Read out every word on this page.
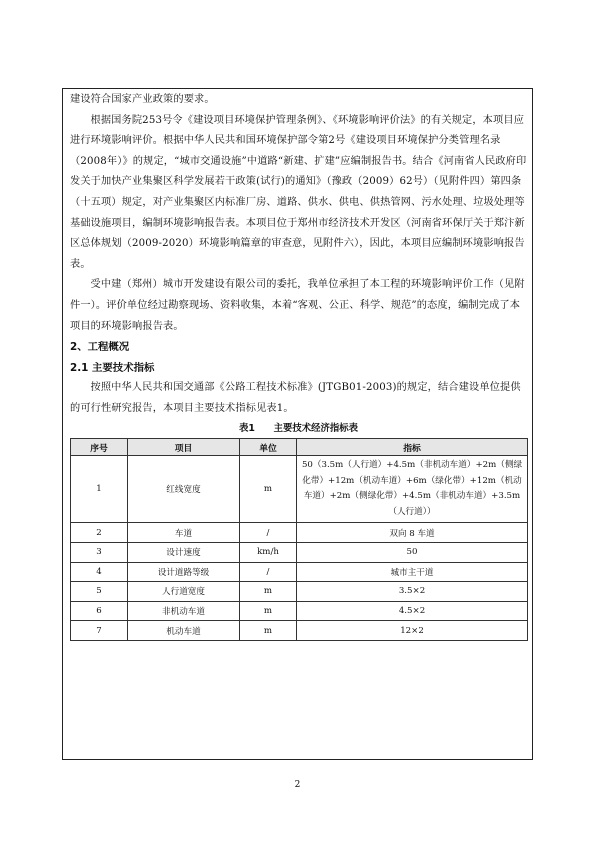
建设符合国家产业政策的要求。

根据国务院253号令《建设项目环境保护管理条例》、《环境影响评价法》的有关规定，本项目应进行环境影响评价。根据中华人民共和国环境保护部令第2号《建设项目环境保护分类管理名录（2008年）》的规定，“城市交通设施”中道路“新建、扩建”应编制报告书。结合《河南省人民政府印发关于加快产业集聚区科学发展若干政策(试行)的通知》（豫政（2009）62号）（见附件四）第四条（十五项）规定，对产业集聚区内标准厂房、道路、供水、供电、供热管网、污水处理、垃圾处理等基础设施项目，编制环境影响报告表。本项目位于郑州市经济技术开发区（河南省环保厅关于郑汴新区总体规划（2009-2020）环境影响篇章的审查意，见附件六），因此，本项目应编制环境影响报告表。

受中建（郑州）城市开发建设有限公司的委托，我单位承担了本工程的环境影响评价工作（见附件一）。评价单位经过勘察现场、资料收集，本着“客观、公正、科学、规范”的态度，编制完成了本项目的环境影响报告表。

2、工程概况
2.1 主要技术指标

按照中华人民共和国交通部《公路工程技术标准》(JTGB01-2003)的规定，结合建设单位提供的可行性研究报告，本项目主要技术指标见表1。

表1　　主要技术经济指标表
序号	项目	单位	指标
1	红线宽度	m	50（3.5m（人行道）+4.5m（非机动车道）+2m（侧绿化带）+12m（机动车道）+6m（绿化带）+12m（机动车道）+2m（侧绿化带）+4.5m（非机动车道）+3.5m（人行道））
2	车道	/	双向 8 车道
3	设计速度	km/h	50
4	设计道路等级	/	城市主干道
5	人行道宽度	m	3.5×2
6	非机动车道	m	4.5×2
7	机动车道	m	12×2
2
